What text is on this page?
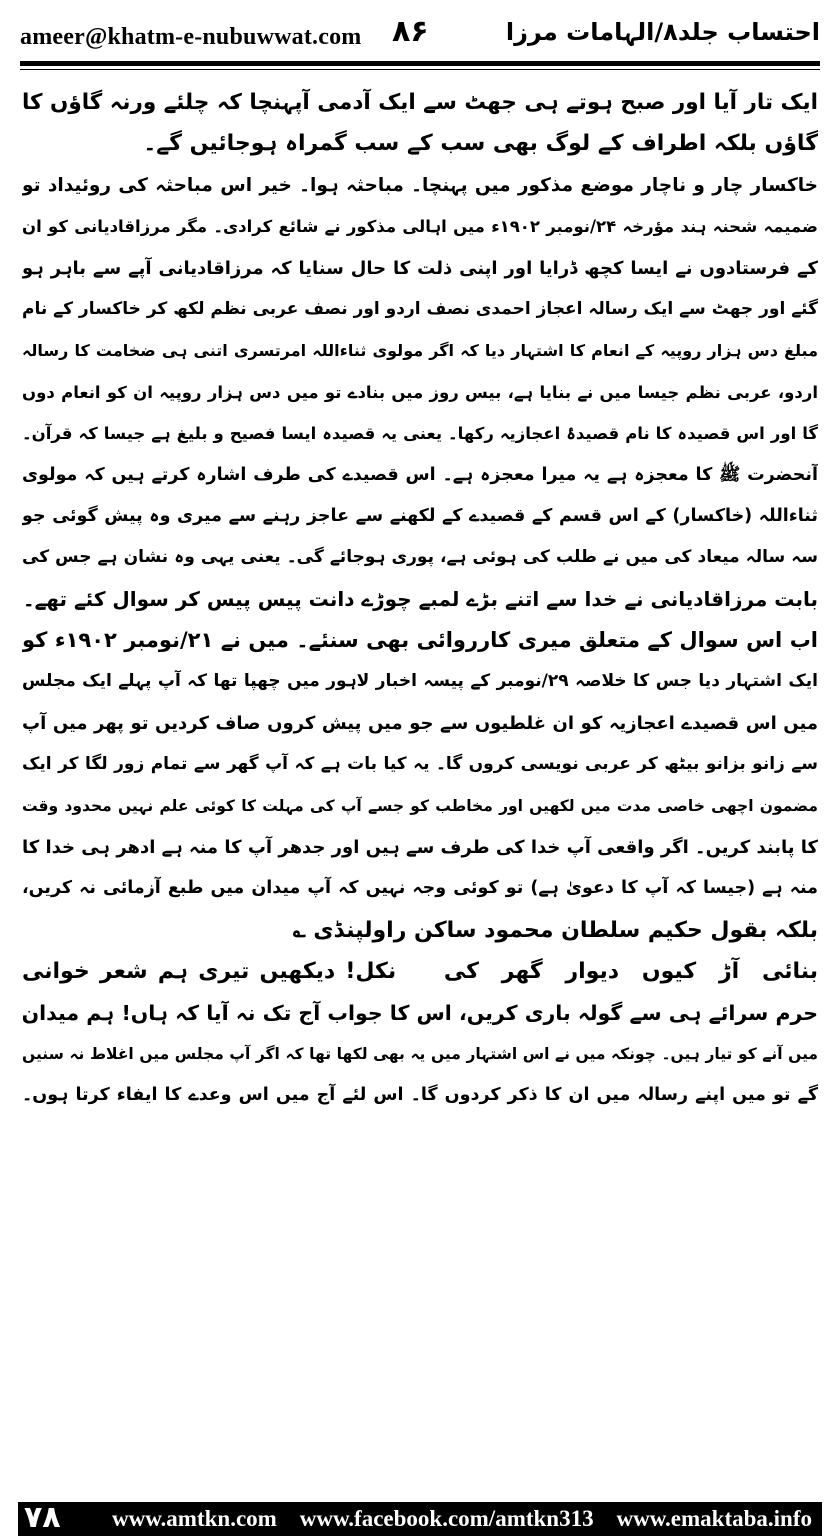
ameer@khatm-e-nubuwwat.com ۸۶	احتساب جلد۸/الہامات مرزا
ایک تار آیا اور صبح ہوتے ہی جھٹ سے ایک آدمی آپہنچا کہ چلئے ورنہ گاؤں کا
گاؤں بلکہ اطراف کے لوگ بھی سب کے سب گمراہ ہوجائیں گے۔
خاکسار چار و ناچار موضع مذکور میں پہنچا۔ مباحثہ ہوا۔ خیر اس مباحثہ کی روئیداد تو
ضمیمہ شحنہ ہند مؤرخہ ۲۴/نومبر ۱۹۰۲ء میں اہالی مذکور نے شائع کرادی۔ مگر مرزاقادیانی کو ان
کے فرستادوں نے ایسا کچھ ڈرایا اور اپنی ذلت کا حال سنایا کہ مرزاقادیانی آپے سے باہر ہو
گئے اور جھٹ سے ایک رسالہ اعجاز احمدی نصف اردو اور نصف عربی نظم لکھ کر خاکسار کے نام
مبلغ دس ہزار روپیہ کے انعام کا اشتہار دیا کہ اگر مولوی ثناءاللہ امرتسری اتنی ہی ضخامت کا رسالہ
اردو، عربی نظم جیسا میں نے بنایا ہے، بیس روز میں بنادے تو میں دس ہزار روپیہ ان کو انعام دوں
گا اور اس قصیدہ کا نام قصیدۂ اعجازیہ رکھا۔ یعنی یہ قصیدہ ایسا فصیح و بلیغ ہے جیسا کہ قرآن۔
آنحضرت ﷺ کا معجزہ ہے یہ میرا معجزہ ہے۔ اس قصیدے کی طرف اشارہ کرتے ہیں کہ مولوی
ثناءاللہ (خاکسار) کے اس قسم کے قصیدے کے لکھنے سے عاجز رہنے سے میری وہ پیش گوئی جو
سہ سالہ میعاد کی میں نے طلب کی ہوئی ہے، پوری ہوجائے گی۔ یعنی یہی وہ نشان ہے جس کی
بابت مرزاقادیانی نے خدا سے اتنے بڑے لمبے چوڑے دانت پیس پیس کر سوال کئے تھے۔
اب اس سوال کے متعلق میری کارروائی بھی سنئے۔ میں نے ۲۱/نومبر ۱۹۰۲ء کو
ایک اشتہار دیا جس کا خلاصہ ۲۹/نومبر کے پیسہ اخبار لاہور میں چھپا تھا کہ آپ پہلے ایک مجلس
میں اس قصیدے اعجازیہ کو ان غلطیوں سے جو میں پیش کروں صاف کردیں تو پھر میں آپ
سے زانو بزانو بیٹھ کر عربی نویسی کروں گا۔ یہ کیا بات ہے کہ آپ گھر سے تمام زور لگا کر ایک
مضمون اچھی خاصی مدت میں لکھیں اور مخاطب کو جسے آپ کی مہلت کا کوئی علم نہیں محدود وقت
کا پابند کریں۔ اگر واقعی آپ خدا کی طرف سے ہیں اور جدھر آپ کا منہ ہے ادھر ہی خدا کا
منہ ہے (جیسا کہ آپ کا دعویٰ ہے) تو کوئی وجہ نہیں کہ آپ میدان میں طبع آزمائی نہ کریں،
بلکہ بقول حکیم سلطان محمود ساکن راولپنڈی ؎
بنائی آڑ کیوں دیوار گھر کی
نکل! دیکھیں تیری ہم شعر خوانی
حرم سرائے ہی سے گولہ باری کریں، اس کا جواب آج تک نہ آیا کہ ہاں! ہم میدان
میں آنے کو تیار ہیں۔ چونکہ میں نے اس اشتہار میں یہ بھی لکھا تھا کہ اگر آپ مجلس میں اغلاط نہ سنیں
گے تو میں اپنے رسالہ میں ان کا ذکر کردوں گا۔ اس لئے آج میں اس وعدے کا ایفاء کرتا ہوں۔
۷۸ www.amtkn.com www.facebook.com/amtkn313 www.emaktaba.info
